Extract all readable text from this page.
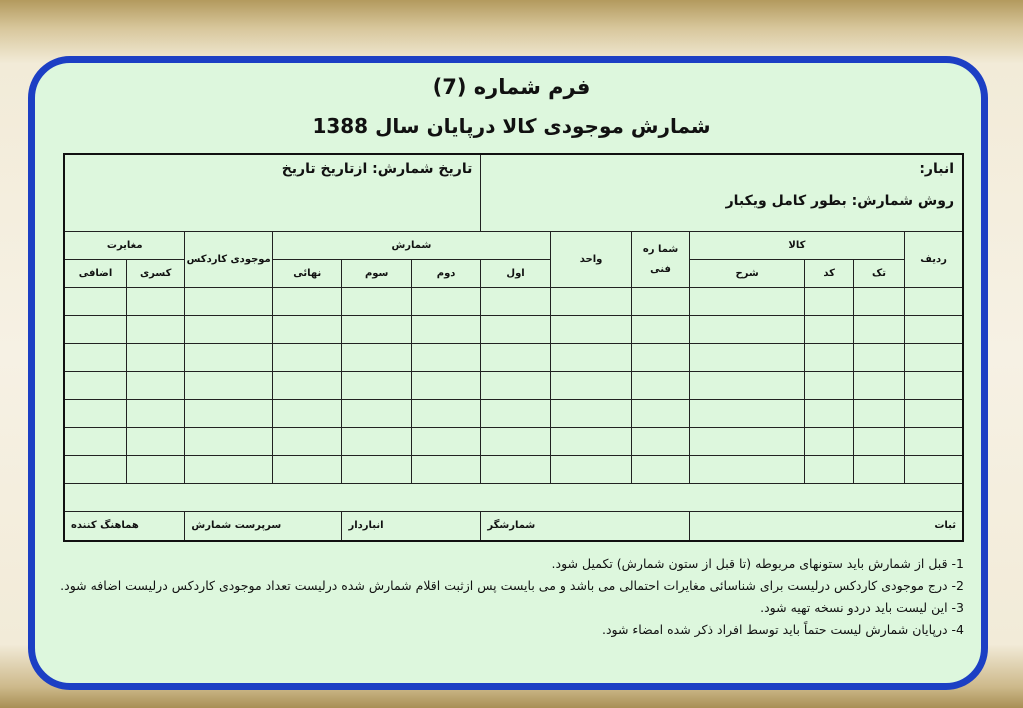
فرم شماره (7)
شمارش موجودی کالا درپایان سال 1388
انبار:
روش شمارش: بطور کامل ویکبار							تاریخ شمارش: ازتاریخ تاریخ					
ردیف	کالا			شما ره فنی	واحد	شمارش				موجودی کاردکس	مغایرت	
	تک	کد	شرح			اول	دوم	سوم	نهائی		کسری	اضافی

ثبات				شمارشگر			انباردار		سرپرست شمارش		هماهنگ کننده	
1- قبل از شمارش باید ستونهای مربوطه (تا قبل از ستون شمارش) تکمیل شود.
2- درج موجودی کاردکس درلیست برای شناسائی مغایرات احتمالی می باشد و می بایست پس ازثبت اقلام شمارش شده درلیست تعداد موجودی کاردکس درلیست اضافه شود.
3- این لیست باید دردو نسخه تهیه شود.
4- درپایان شمارش لیست حتماً باید توسط افراد ذکر شده امضاء شود.
